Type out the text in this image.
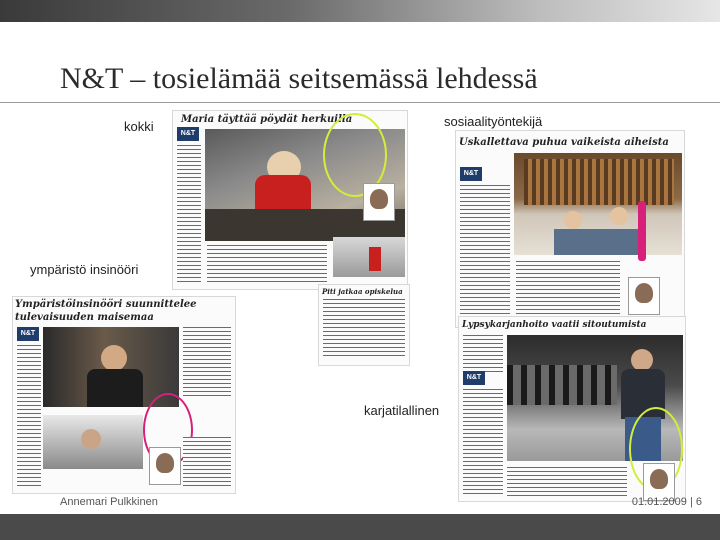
N&T – tosielämää seitsemässä lehdessä
kokki	Maria täyttää pöydät herkuilla
N&T
sosiaalityöntekijä
Uskallettava puhua vaikeista aiheista
N&T
ympäristö insinööri
Ympäristöinsinööri suunnittelee
tulevaisuuden maisemaa
N&T
Piti jatkaa opiskelua
karjatilallinen
Lypsykarjanhoito vaatii sitoutumista
N&T
Annemari Pulkkinen	01.01.2009 | 6
